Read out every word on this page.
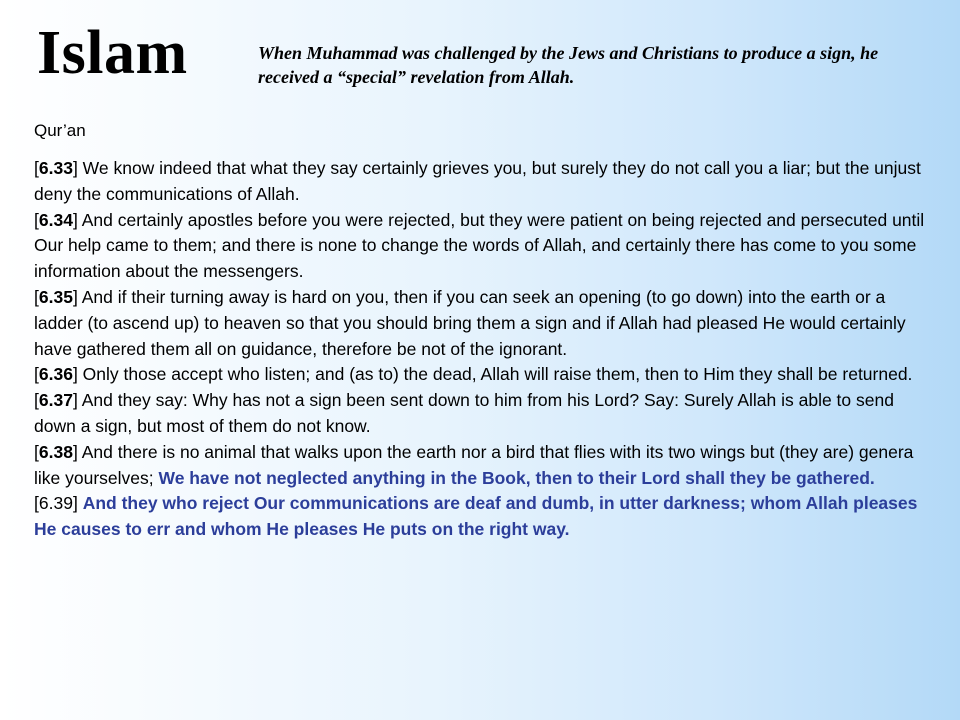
Islam	When Muhammad was challenged by the Jews and Christians to produce a sign, he received a “special” revelation from Allah.
Qur’an

[6.33] We know indeed that what they say certainly grieves you, but surely they do not call you a liar; but the unjust deny the communications of Allah.

[6.34] And certainly apostles before you were rejected, but they were patient on being rejected and persecuted until Our help came to them; and there is none to change the words of Allah, and certainly there has come to you some information about the messengers.

[6.35] And if their turning away is hard on you, then if you can seek an opening (to go down) into the earth or a ladder (to ascend up) to heaven so that you should bring them a sign and if Allah had pleased He would certainly have gathered them all on guidance, therefore be not of the ignorant.

[6.36] Only those accept who listen; and (as to) the dead, Allah will raise them, then to Him they shall be returned.

[6.37] And they say: Why has not a sign been sent down to him from his Lord? Say: Surely Allah is able to send down a sign, but most of them do not know.

[6.38] And there is no animal that walks upon the earth nor a bird that flies with its two wings but (they are) genera like yourselves; We have not neglected anything in the Book, then to their Lord shall they be gathered.

[6.39] And they who reject Our communications are deaf and dumb, in utter darkness; whom Allah pleases He causes to err and whom He pleases He puts on the right way.
